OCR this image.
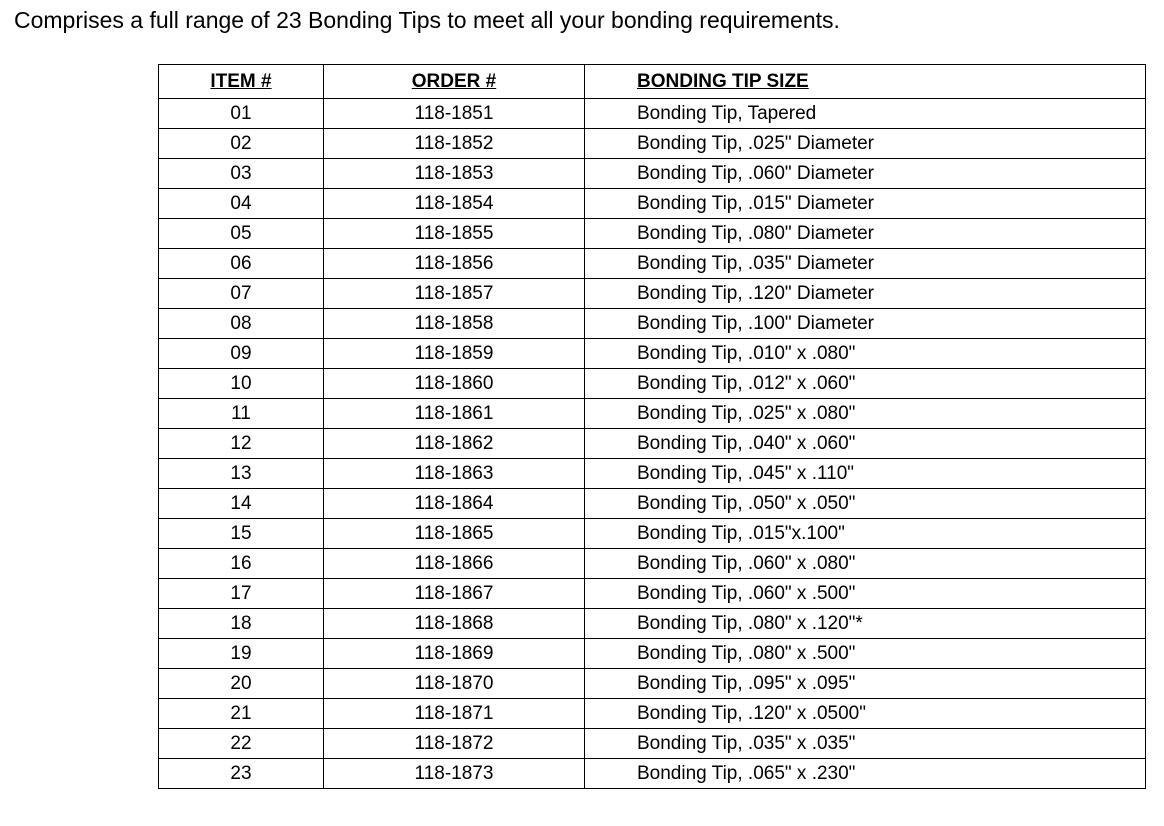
Comprises a full range of 23 Bonding Tips to meet all your bonding requirements.
ITEM #	ORDER #	BONDING TIP SIZE
01	118-1851	Bonding Tip, Tapered
02	118-1852	Bonding Tip, .025" Diameter
03	118-1853	Bonding Tip, .060" Diameter
04	118-1854	Bonding Tip, .015" Diameter
05	118-1855	Bonding Tip, .080" Diameter
06	118-1856	Bonding Tip, .035" Diameter
07	118-1857	Bonding Tip, .120" Diameter
08	118-1858	Bonding Tip, .100" Diameter
09	118-1859	Bonding Tip, .010" x .080"
10	118-1860	Bonding Tip, .012" x .060"
11	118-1861	Bonding Tip, .025" x .080"
12	118-1862	Bonding Tip, .040" x .060"
13	118-1863	Bonding Tip, .045" x .110"
14	118-1864	Bonding Tip, .050" x .050"
15	118-1865	Bonding Tip, .015"x.100"
16	118-1866	Bonding Tip, .060" x .080"
17	118-1867	Bonding Tip, .060" x .500"
18	118-1868	Bonding Tip, .080" x .120"*
19	118-1869	Bonding Tip, .080" x .500"
20	118-1870	Bonding Tip, .095" x .095"
21	118-1871	Bonding Tip, .120" x .0500"
22	118-1872	Bonding Tip, .035" x .035"
23	118-1873	Bonding Tip, .065" x .230"
